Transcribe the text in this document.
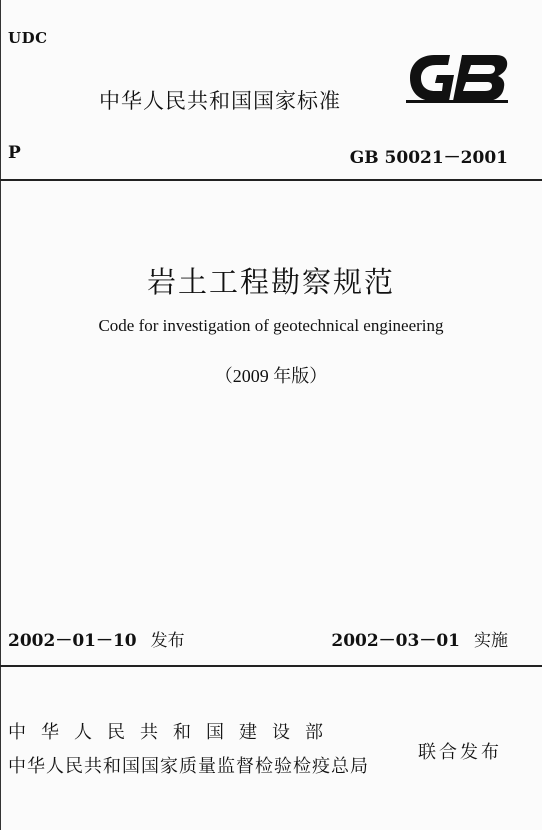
UDC
中华人民共和国国家标准
P	GB 50021－2001
岩土工程勘察规范
Code for investigation of geotechnical engineering
（2009 年版）
2002－01－10 发布	2002－03－01 实施
中华人民共和国建设部
中华人民共和国国家质量监督检验检疫总局
联合发布
